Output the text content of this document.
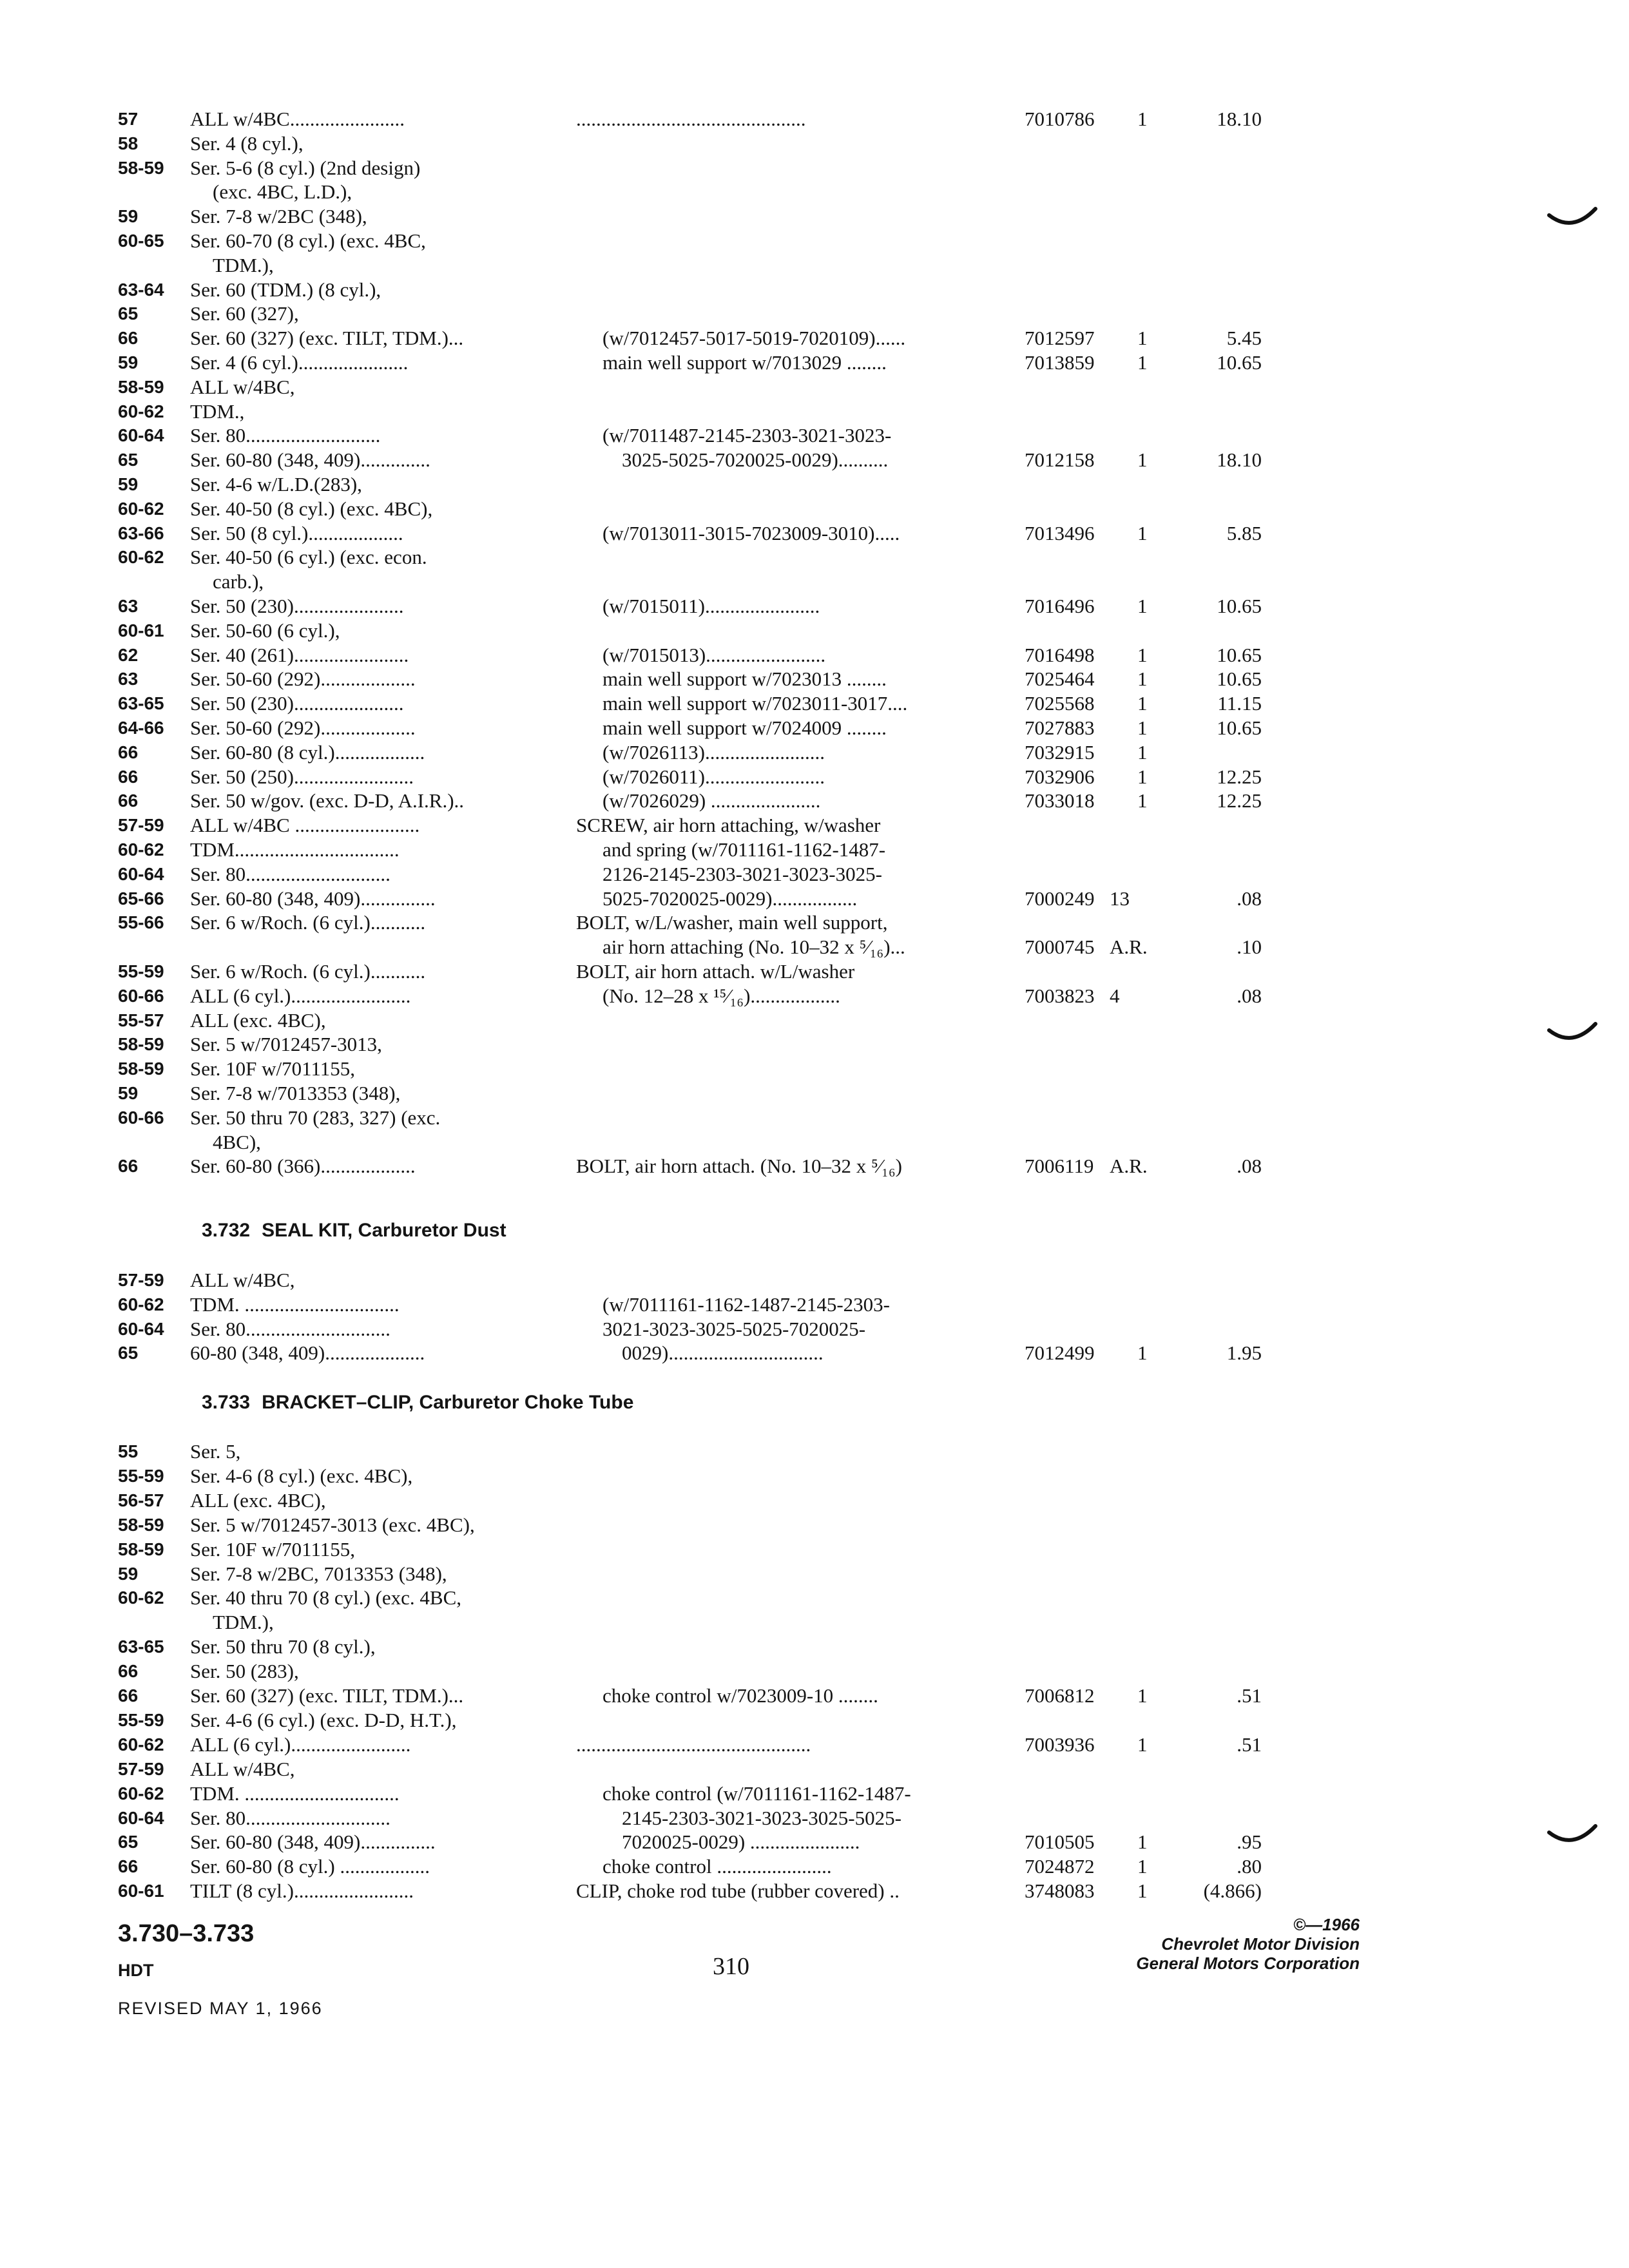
57	ALL w/4BC.......................	..............................................	7010786 1	18.10
58	Ser. 4 (8 cyl.),
58-59 Ser. 5-6 (8 cyl.) (2nd design)
(exc. 4BC, L.D.),
59	Ser. 7-8 w/2BC (348),
60-65 Ser. 60-70 (8 cyl.) (exc. 4BC,
TDM.),
63-64 Ser. 60 (TDM.) (8 cyl.),
65	Ser. 60 (327),
66	Ser. 60 (327) (exc. TILT, TDM.)...	(w/7012457-5017-5019-7020109)......	7012597 1	5.45
59	Ser. 4 (6 cyl.)......................	main well support w/7013029 ........	7013859 1	10.65
58-59 ALL w/4BC,
60-62 TDM.,
60-64 Ser. 80...........................	(w/7011487-2145-2303-3021-3023-
65	Ser. 60-80 (348, 409)..............	3025-5025-7020025-0029)..........	7012158 1	18.10
59	Ser. 4-6 w/L.D.(283),
60-62 Ser. 40-50 (8 cyl.) (exc. 4BC),
63-66 Ser. 50 (8 cyl.)...................	(w/7013011-3015-7023009-3010).....	7013496 1	5.85
60-62 Ser. 40-50 (6 cyl.) (exc. econ.
carb.),
63	Ser. 50 (230)......................	(w/7015011).......................	7016496 1	10.65
60-61 Ser. 50-60 (6 cyl.),
62	Ser. 40 (261).......................	(w/7015013)........................	7016498 1	10.65
63	Ser. 50-60 (292)...................	main well support w/7023013 ........	7025464 1	10.65
63-65 Ser. 50 (230)......................	main well support w/7023011-3017....	7025568 1	11.15
64-66 Ser. 50-60 (292)...................	main well support w/7024009 ........	7027883 1	10.65
66	Ser. 60-80 (8 cyl.)..................	(w/7026113)........................	7032915 1
66	Ser. 50 (250)........................	(w/7026011)........................	7032906 1	12.25
66	Ser. 50 w/gov. (exc. D-D, A.I.R.)..	(w/7026029) ......................	7033018 1	12.25
57-59 ALL w/4BC .........................	SCREW, air horn attaching, w/washer
60-62 TDM.................................	and spring (w/7011161-1162-1487-
60-64 Ser. 80.............................	2126-2145-2303-3021-3023-3025-
65-66 Ser. 60-80 (348, 409)...............	5025-7020025-0029).................	7000249 13	.08
55-66 Ser. 6 w/Roch. (6 cyl.)...........	BOLT, w/L/washer, main well support,
air horn attaching (No. 10–32 x ⁵⁄₁₆)...	7000745 A.R.	.10
55-59 Ser. 6 w/Roch. (6 cyl.)...........	BOLT, air horn attach. w/L/washer
60-66 ALL (6 cyl.)........................	(No. 12–28 x ¹⁵⁄₁₆)..................	7003823 4	.08
55-57 ALL (exc. 4BC),
58-59 Ser. 5 w/7012457-3013,
58-59 Ser. 10F w/7011155,
59	Ser. 7-8 w/7013353 (348),
60-66 Ser. 50 thru 70 (283, 327) (exc.
4BC),
66	Ser. 60-80 (366)...................	BOLT, air horn attach. (No. 10–32 x ⁵⁄₁₆)	7006119 A.R.	.08
3.732 SEAL KIT, Carburetor Dust
57-59 ALL w/4BC,
60-62 TDM. ...............................	(w/7011161-1162-1487-2145-2303-
60-64 Ser. 80.............................	3021-3023-3025-5025-7020025-
65	60-80 (348, 409)....................	0029)...............................	7012499 1	1.95
3.733 BRACKET–CLIP, Carburetor Choke Tube
55	Ser. 5,
55-59 Ser. 4-6 (8 cyl.) (exc. 4BC),
56-57 ALL (exc. 4BC),
58-59 Ser. 5 w/7012457-3013 (exc. 4BC),
58-59 Ser. 10F w/7011155,
59	Ser. 7-8 w/2BC, 7013353 (348),
60-62 Ser. 40 thru 70 (8 cyl.) (exc. 4BC,
TDM.),
63-65 Ser. 50 thru 70 (8 cyl.),
66	Ser. 50 (283),
66	Ser. 60 (327) (exc. TILT, TDM.)...	choke control w/7023009-10 ........	7006812 1	.51
55-59 Ser. 4-6 (6 cyl.) (exc. D-D, H.T.),
60-62 ALL (6 cyl.)........................	...............................................	7003936 1	.51
57-59 ALL w/4BC,
60-62 TDM. ...............................	choke control (w/7011161-1162-1487-
60-64 Ser. 80.............................	2145-2303-3021-3023-3025-5025-
65	Ser. 60-80 (348, 409)...............	7020025-0029) ......................	7010505 1	.95
66	Ser. 60-80 (8 cyl.) ..................	choke control .......................	7024872 1	.80
60-61 TILT (8 cyl.)........................	CLIP, choke rod tube (rubber covered) ..	3748083 1	(4.866)
3.730–3.733
HDT
REVISED MAY 1, 1966
310
©—1966
Chevrolet Motor Division
General Motors Corporation
